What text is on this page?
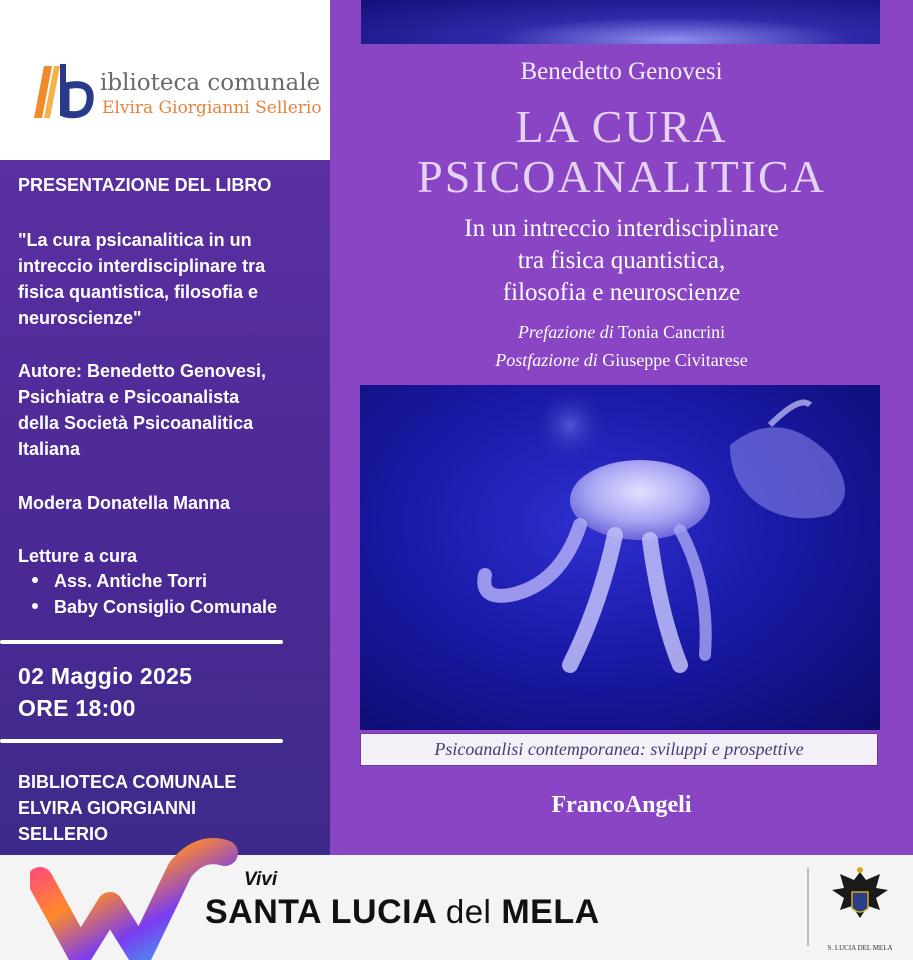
iblioteca comunale
Elvira Giorgianni Sellerio
PRESENTAZIONE DEL LIBRO
"La cura psicanalitica in un
intreccio interdisciplinare tra
fisica quantistica, filosofia e
neuroscienze"
Autore: Benedetto Genovesi,
Psichiatra e Psicoanalista
della Società Psicoanalitica
Italiana
Modera Donatella Manna
Letture a cura
Ass. Antiche Torri
Baby Consiglio Comunale
02 Maggio 2025
ORE 18:00
BIBLIOTECA COMUNALE
ELVIRA GIORGIANNI
SELLERIO
Benedetto Genovesi
LA CURA
PSICOANALITICA
In un intreccio interdisciplinare
tra fisica quantistica,
filosofia e neuroscienze
Prefazione di Tonia Cancrini
Postfazione di Giuseppe Civitarese
Psicoanalisi contemporanea: sviluppi e prospettive
FrancoAngeli
Vivi
SANTA LUCIA del MELA
S. LUCIA DEL MELA
